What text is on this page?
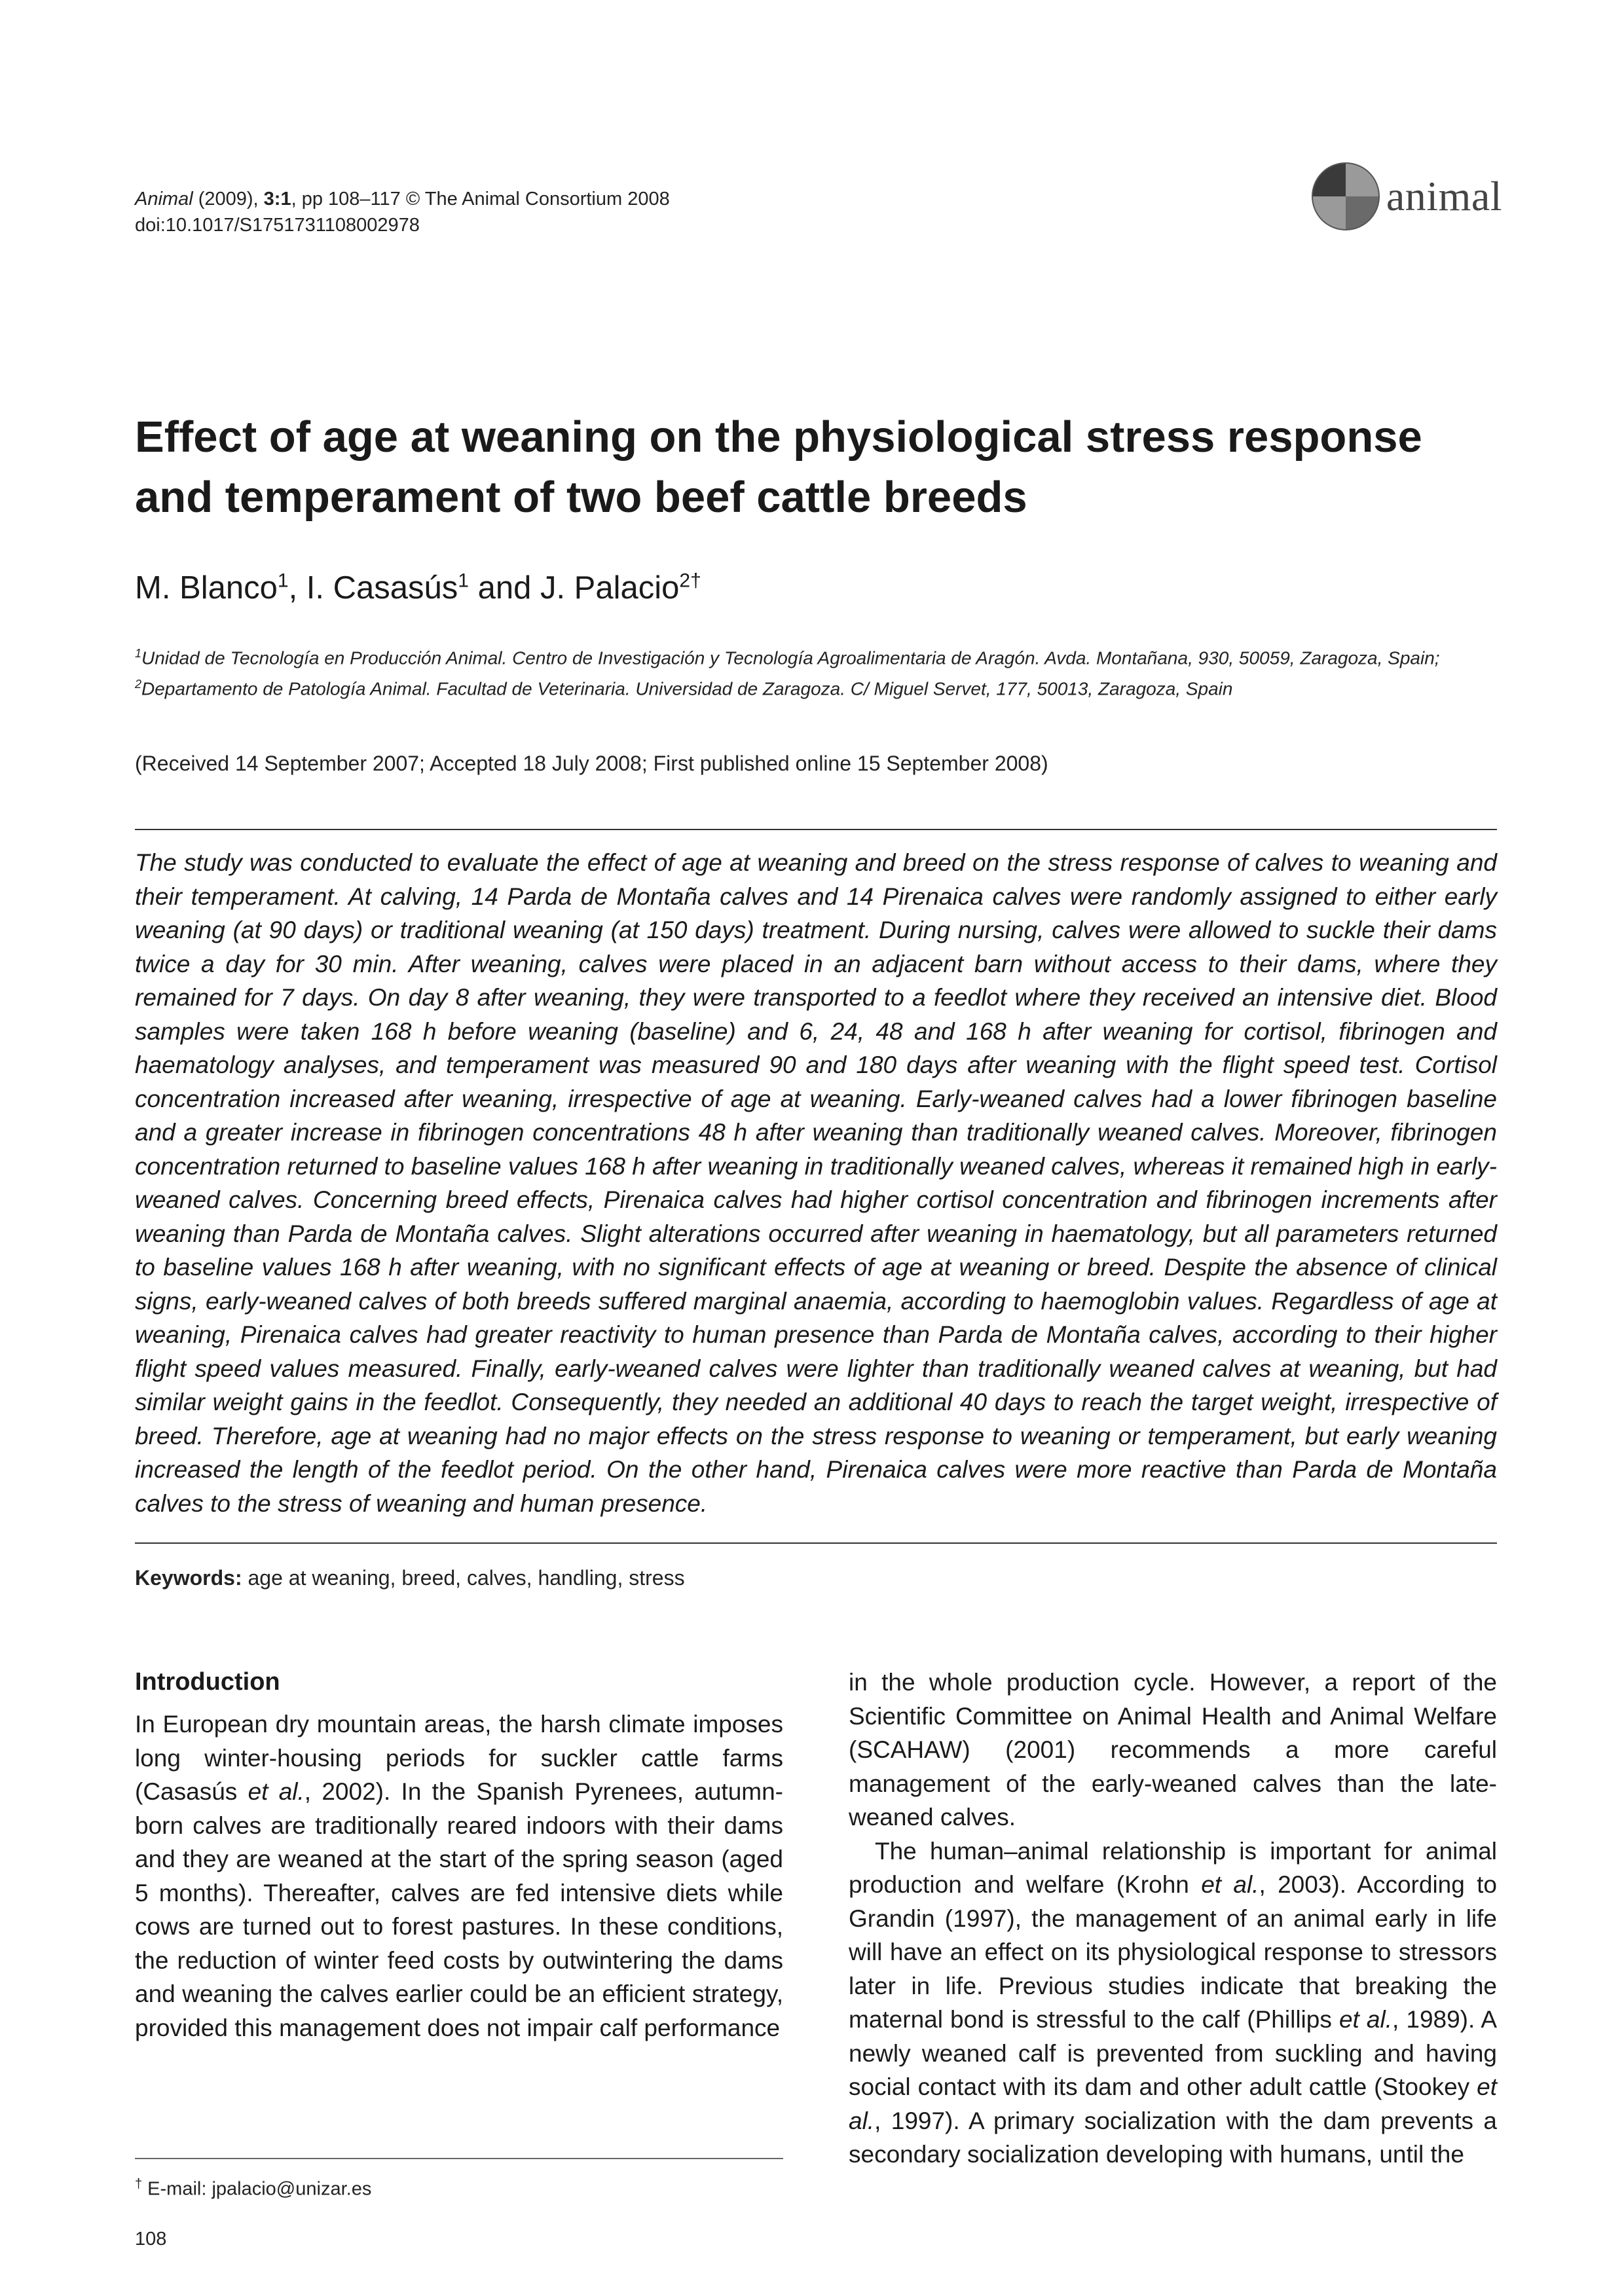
Animal (2009), 3:1, pp 108–117 © The Animal Consortium 2008
doi:10.1017/S1751731108002978
animal
Effect of age at weaning on the physiological stress response and temperament of two beef cattle breeds
M. Blanco$^1$, I. Casasús$^1$ and J. Palacio$^{2\dagger}$
$^1$Unidad de Tecnología en Producción Animal. Centro de Investigación y Tecnología Agroalimentaria de Aragón. Avda. Montañana, 930, 50059, Zaragoza, Spain;
$^2$Departamento de Patología Animal. Facultad de Veterinaria. Universidad de Zaragoza. C/ Miguel Servet, 177, 50013, Zaragoza, Spain
(Received 14 September 2007; Accepted 18 July 2008; First published online 15 September 2008)
The study was conducted to evaluate the effect of age at weaning and breed on the stress response of calves to weaning and their temperament. At calving, 14 Parda de Montaña calves and 14 Pirenaica calves were randomly assigned to either early weaning (at 90 days) or traditional weaning (at 150 days) treatment. During nursing, calves were allowed to suckle their dams twice a day for 30 min. After weaning, calves were placed in an adjacent barn without access to their dams, where they remained for 7 days. On day 8 after weaning, they were transported to a feedlot where they received an intensive diet. Blood samples were taken 168 h before weaning (baseline) and 6, 24, 48 and 168 h after weaning for cortisol, fibrinogen and haematology analyses, and temperament was measured 90 and 180 days after weaning with the flight speed test. Cortisol concentration increased after weaning, irrespective of age at weaning. Early-weaned calves had a lower fibrinogen baseline and a greater increase in fibrinogen concentrations 48 h after weaning than traditionally weaned calves. Moreover, fibrinogen concentration returned to baseline values 168 h after weaning in traditionally weaned calves, whereas it remained high in early-weaned calves. Concerning breed effects, Pirenaica calves had higher cortisol concentration and fibrinogen increments after weaning than Parda de Montaña calves. Slight alterations occurred after weaning in haematology, but all parameters returned to baseline values 168 h after weaning, with no significant effects of age at weaning or breed. Despite the absence of clinical signs, early-weaned calves of both breeds suffered marginal anaemia, according to haemoglobin values. Regardless of age at weaning, Pirenaica calves had greater reactivity to human presence than Parda de Montaña calves, according to their higher flight speed values measured. Finally, early-weaned calves were lighter than traditionally weaned calves at weaning, but had similar weight gains in the feedlot. Consequently, they needed an additional 40 days to reach the target weight, irrespective of breed. Therefore, age at weaning had no major effects on the stress response to weaning or temperament, but early weaning increased the length of the feedlot period. On the other hand, Pirenaica calves were more reactive than Parda de Montaña calves to the stress of weaning and human presence.
Keywords: age at weaning, breed, calves, handling, stress
Introduction

In European dry mountain areas, the harsh climate imposes long winter-housing periods for suckler cattle farms (Casasús et al., 2002). In the Spanish Pyrenees, autumn-born calves are traditionally reared indoors with their dams and they are weaned at the start of the spring season (aged 5 months). Thereafter, calves are fed intensive diets while cows are turned out to forest pastures. In these conditions, the reduction of winter feed costs by outwintering the dams and weaning the calves earlier could be an efficient strategy, provided this management does not impair calf performance

in the whole production cycle. However, a report of the Scientific Committee on Animal Health and Animal Welfare (SCAHAW) (2001) recommends a more careful management of the early-weaned calves than the late-weaned calves.

The human–animal relationship is important for animal production and welfare (Krohn et al., 2003). According to Grandin (1997), the management of an animal early in life will have an effect on its physiological response to stressors later in life. Previous studies indicate that breaking the maternal bond is stressful to the calf (Phillips et al., 1989). A newly weaned calf is prevented from suckling and having social contact with its dam and other adult cattle (Stookey et al., 1997). A primary socialization with the dam prevents a secondary socialization developing with humans, until the

† E-mail: jpalacio@unizar.es
108
